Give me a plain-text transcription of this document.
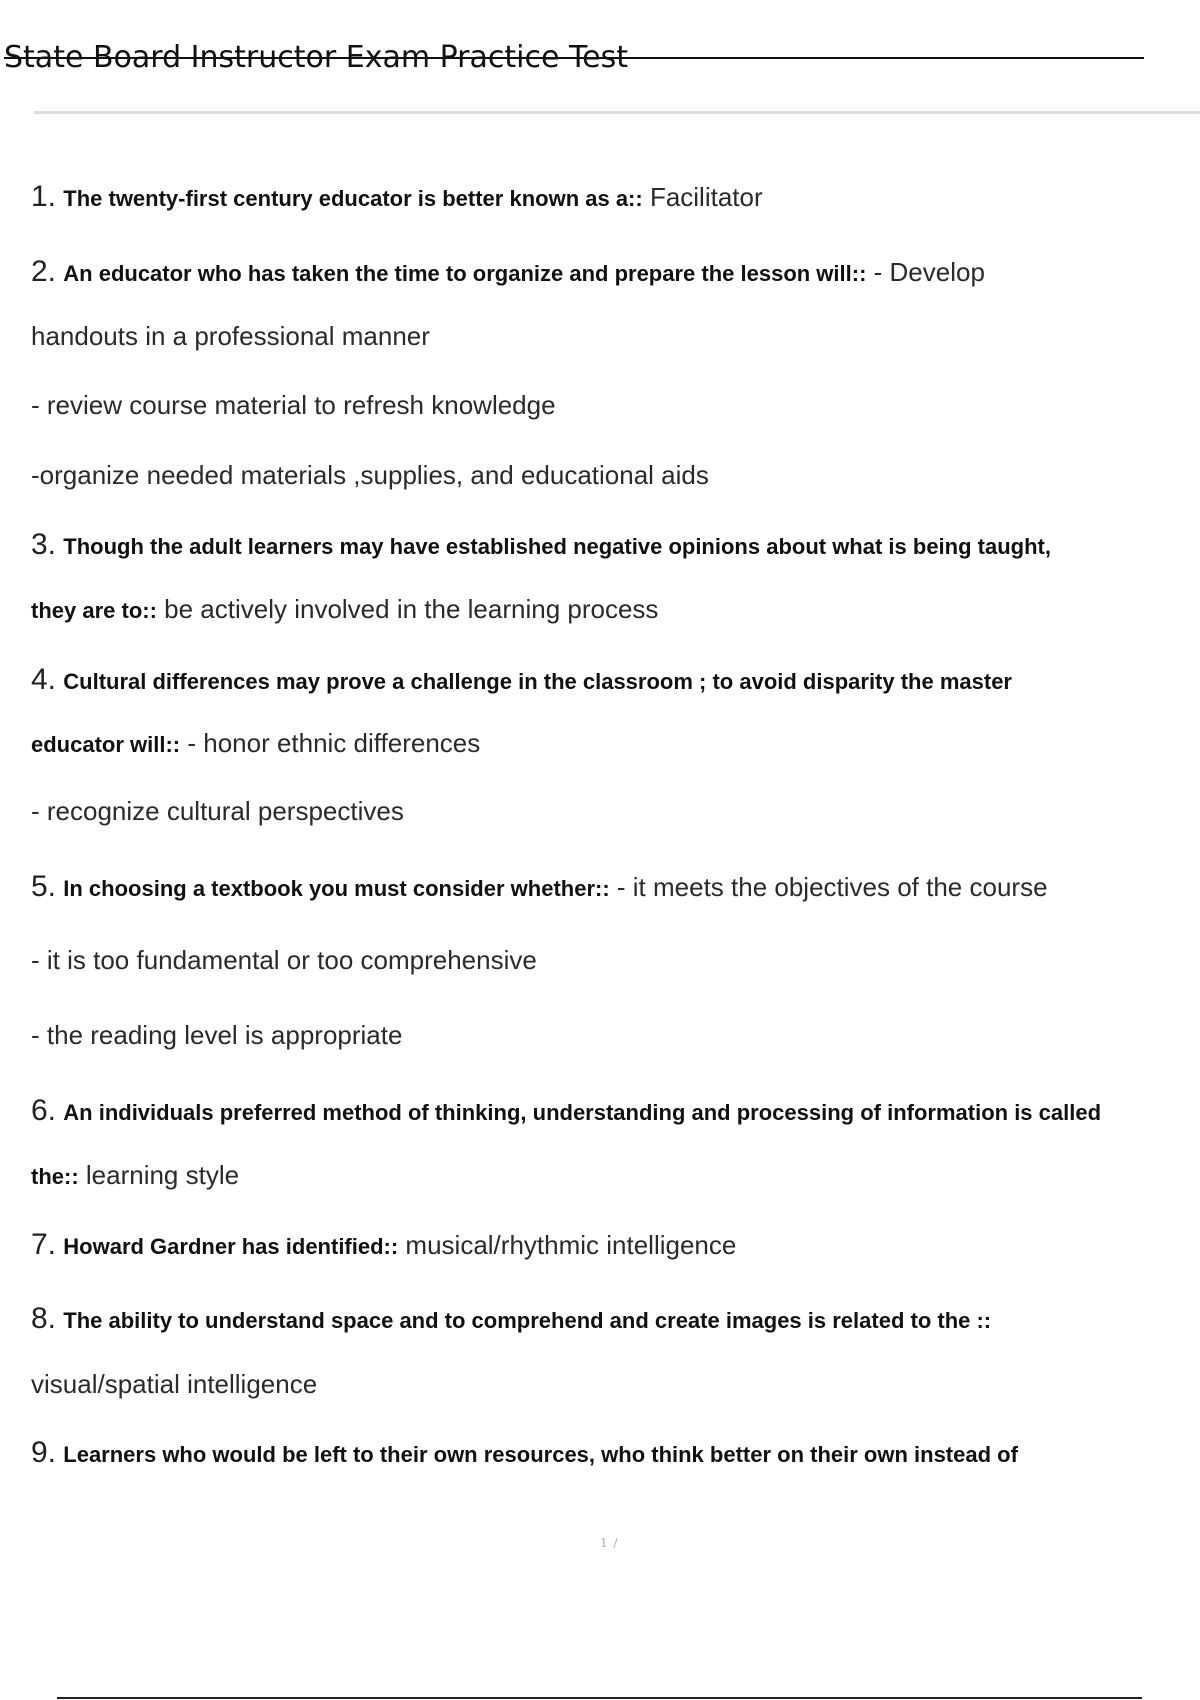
State Board Instructor Exam Practice Test
1. The twenty-first century educator is better known as a:: Facilitator
2. An educator who has taken the time to organize and prepare the lesson will:: - Develop
handouts in a professional manner
- review course material to refresh knowledge
-organize needed materials ,supplies, and educational aids
3. Though the adult learners may have established negative opinions about what is being taught,
they are to:: be actively involved in the learning process
4. Cultural differences may prove a challenge in the classroom ; to avoid disparity the master
educator will:: - honor ethnic differences
- recognize cultural perspectives
5. In choosing a textbook you must consider whether:: - it meets the objectives of the course
- it is too fundamental or too comprehensive
- the reading level is appropriate
6. An individuals preferred method of thinking, understanding and processing of information is called
the:: learning style
7. Howard Gardner has identified:: musical/rhythmic intelligence
8. The ability to understand space and to comprehend and create images is related to the ::
visual/spatial intelligence
9. Learners who would be left to their own resources, who think better on their own instead of
1 /
